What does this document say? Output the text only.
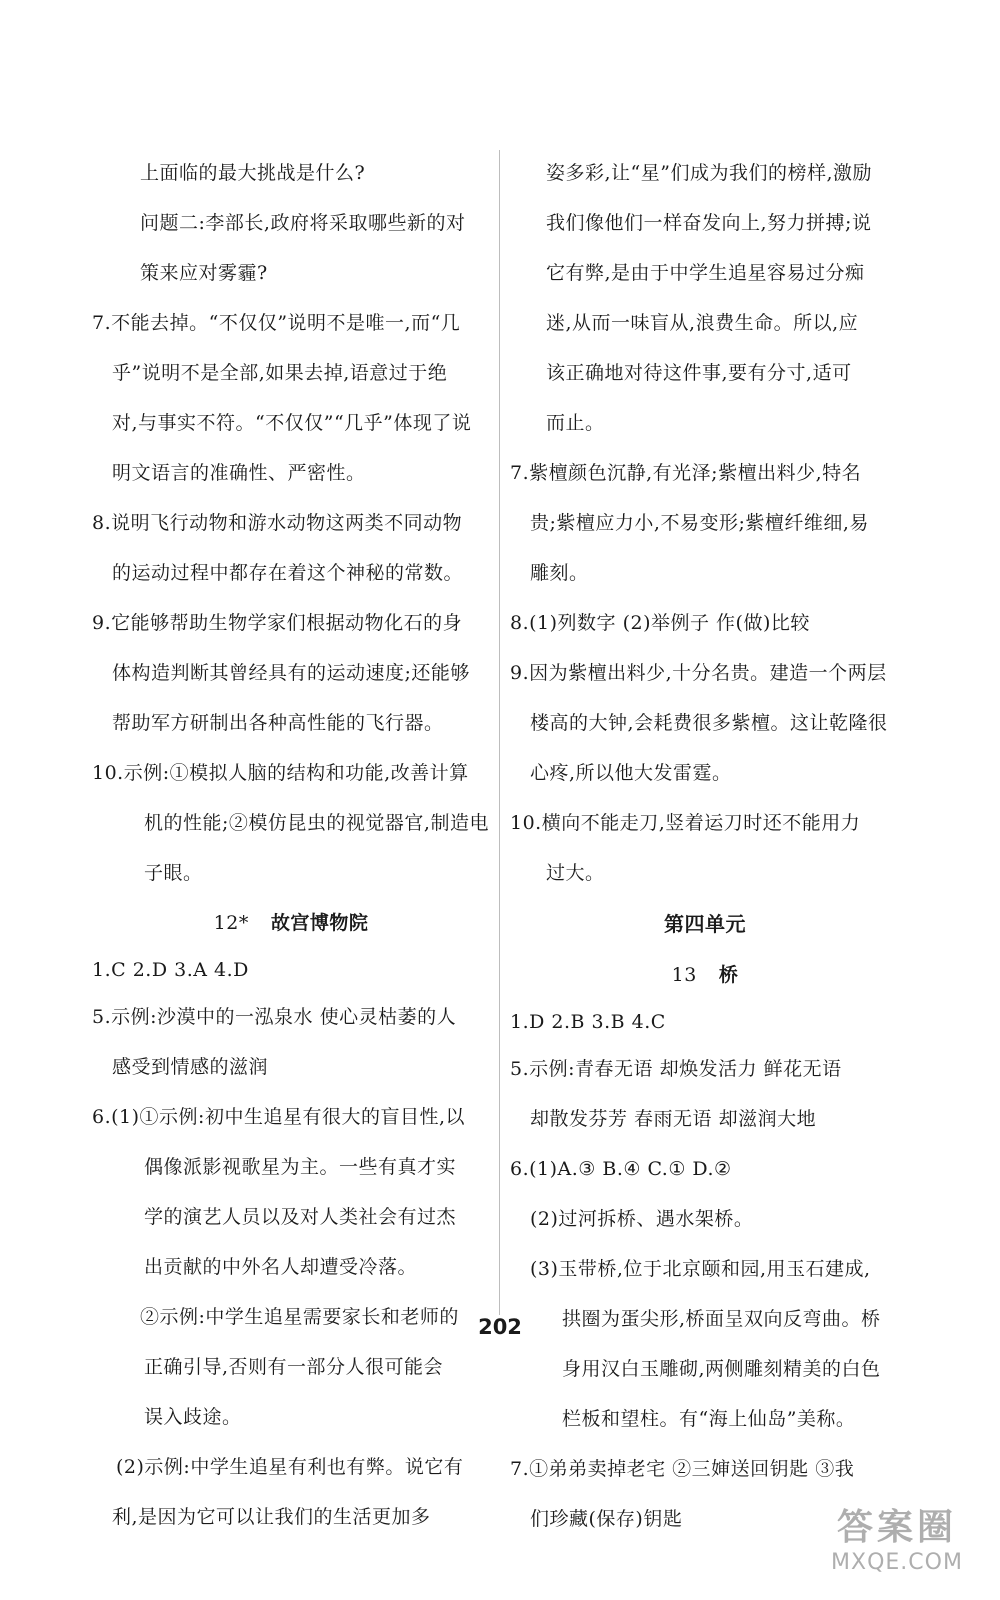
上面临的最大挑战是什么?
问题二:李部长,政府将采取哪些新的对
策来应对雾霾?
7.不能去掉。“不仅仅”说明不是唯一,而“几
乎”说明不是全部,如果去掉,语意过于绝
对,与事实不符。“不仅仅”“几乎”体现了说
明文语言的准确性、严密性。
8.说明飞行动物和游水动物这两类不同动物
的运动过程中都存在着这个神秘的常数。
9.它能够帮助生物学家们根据动物化石的身
体构造判断其曾经具有的运动速度;还能够
帮助军方研制出各种高性能的飞行器。
10.示例:①模拟人脑的结构和功能,改善计算
机的性能;②模仿昆虫的视觉器官,制造电
子眼。
12* 故宫博物院
1.C 2.D 3.A 4.D
5.示例:沙漠中的一泓泉水 使心灵枯萎的人
感受到情感的滋润
6.(1)①示例:初中生追星有很大的盲目性,以
偶像派影视歌星为主。一些有真才实
学的演艺人员以及对人类社会有过杰
出贡献的中外名人却遭受冷落。
②示例:中学生追星需要家长和老师的
正确引导,否则有一部分人很可能会
误入歧途。
(2)示例:中学生追星有利也有弊。说它有
利,是因为它可以让我们的生活更加多
姿多彩,让“星”们成为我们的榜样,激励
我们像他们一样奋发向上,努力拼搏;说
它有弊,是由于中学生追星容易过分痴
迷,从而一味盲从,浪费生命。所以,应
该正确地对待这件事,要有分寸,适可
而止。
7.紫檀颜色沉静,有光泽;紫檀出料少,特名
贵;紫檀应力小,不易变形;紫檀纤维细,易
雕刻。
8.(1)列数字 (2)举例子 作(做)比较
9.因为紫檀出料少,十分名贵。建造一个两层
楼高的大钟,会耗费很多紫檀。这让乾隆很
心疼,所以他大发雷霆。
10.横向不能走刀,竖着运刀时还不能用力
过大。
第四单元
13 桥
1.D 2.B 3.B 4.C
5.示例:青春无语 却焕发活力 鲜花无语
却散发芬芳 春雨无语 却滋润大地
6.(1)A.③ B.④ C.① D.②
(2)过河拆桥、遇水架桥。
(3)玉带桥,位于北京颐和园,用玉石建成,
拱圈为蛋尖形,桥面呈双向反弯曲。桥
身用汉白玉雕砌,两侧雕刻精美的白色
栏板和望柱。有“海上仙岛”美称。
7.①弟弟卖掉老宅 ②三婶送回钥匙 ③我
们珍藏(保存)钥匙
202
答案圈
MXQE.COM
